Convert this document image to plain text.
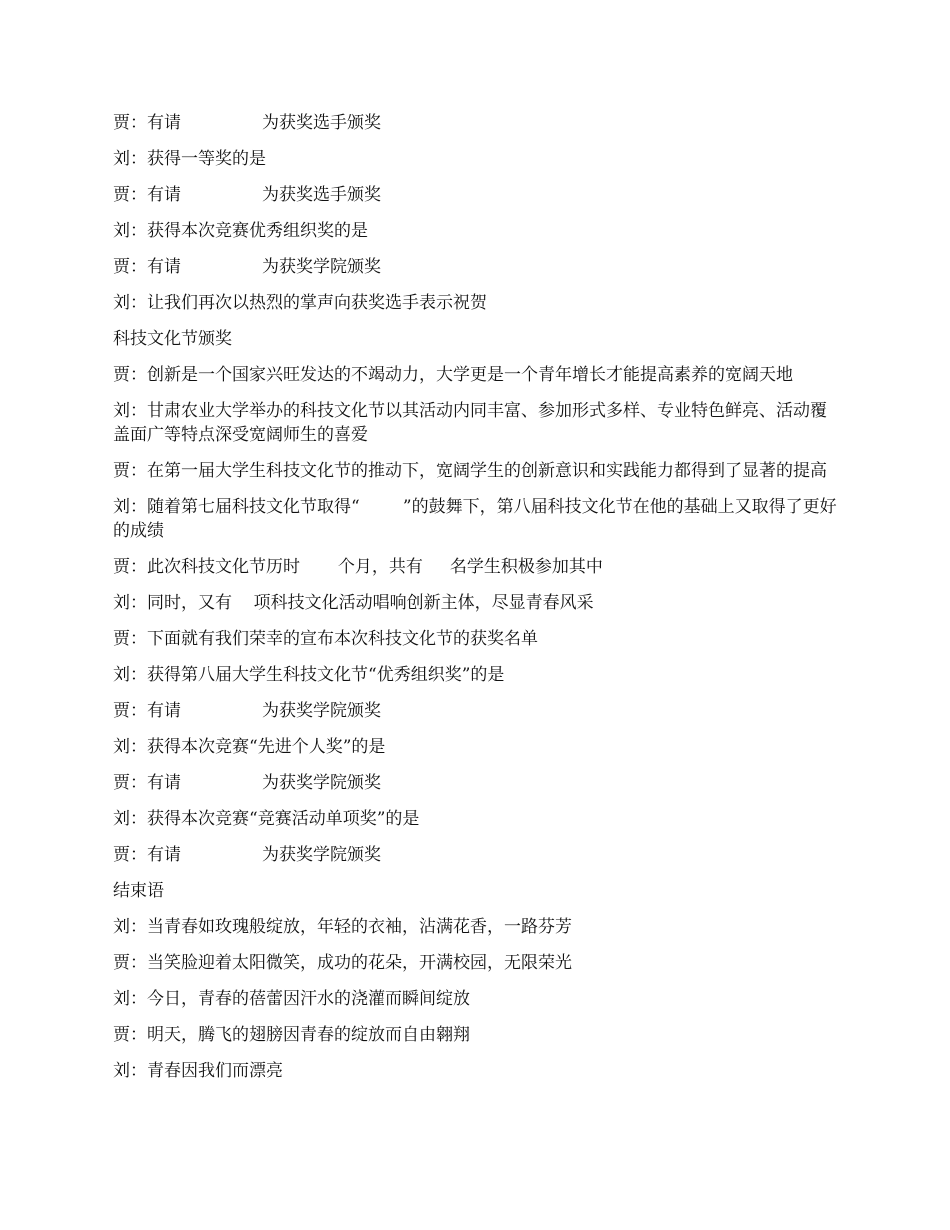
贾：有请               为获奖选手颁奖

刘：获得一等奖的是

贾：有请               为获奖选手颁奖

刘：获得本次竞赛优秀组织奖的是

贾：有请               为获奖学院颁奖

刘：让我们再次以热烈的掌声向获奖选手表示祝贺

科技文化节颁奖

贾：创新是一个国家兴旺发达的不竭动力，大学更是一个青年增长才能提高素养的宽阔天地

刘：甘肃农业大学举办的科技文化节以其活动内同丰富、参加形式多样、专业特色鲜亮、活动覆盖面广等特点深受宽阔师生的喜爱

贾：在第一届大学生科技文化节的推动下，宽阔学生的创新意识和实践能力都得到了显著的提高

刘：随着第七届科技文化节取得“        ”的鼓舞下，第八届科技文化节在他的基础上又取得了更好的成绩

贾：此次科技文化节历时       个月，共有     名学生积极参加其中

刘：同时，又有    项科技文化活动唱响创新主体，尽显青春风采

贾：下面就有我们荣幸的宣布本次科技文化节的获奖名单

刘：获得第八届大学生科技文化节“优秀组织奖”的是

贾：有请               为获奖学院颁奖

刘：获得本次竞赛“先进个人奖”的是

贾：有请               为获奖学院颁奖

刘：获得本次竞赛“竞赛活动单项奖”的是

贾：有请               为获奖学院颁奖

结束语

刘：当青春如玫瑰般绽放，年轻的衣袖，沾满花香，一路芬芳

贾：当笑脸迎着太阳微笑，成功的花朵，开满校园，无限荣光

刘：今日，青春的蓓蕾因汗水的浇灌而瞬间绽放

贾：明天，腾飞的翅膀因青春的绽放而自由翱翔

刘：青春因我们而漂亮
